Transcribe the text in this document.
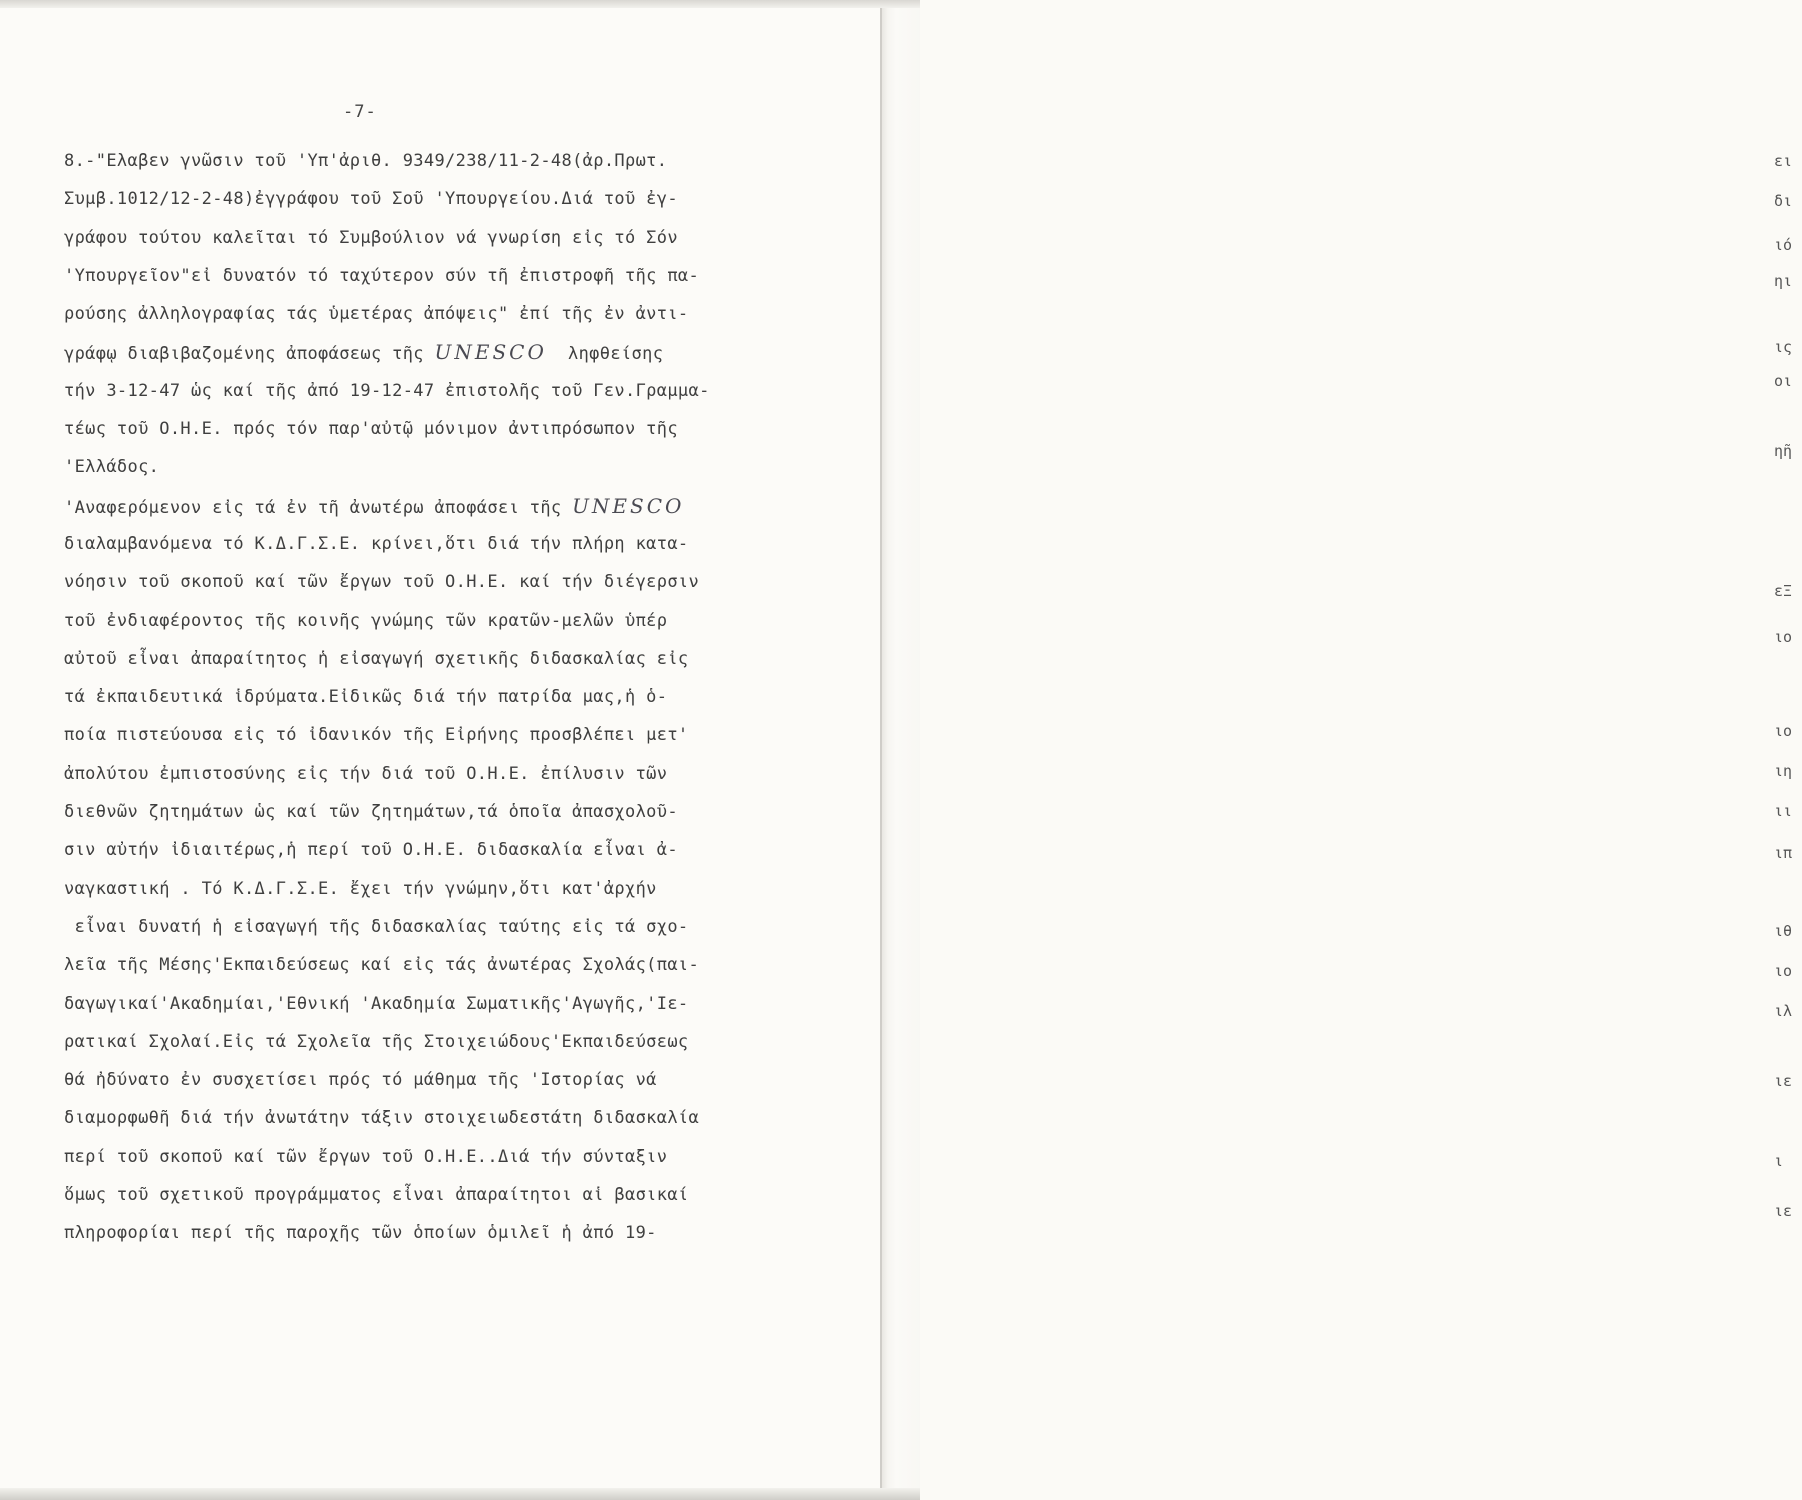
-7-
8.-"Ελαβεν γνῶσιν τοῦ 'Υπ'ἀριθ. 9349/238/11-2-48(ἀρ.Πρωτ.
Συμβ.1012/12-2-48)ἐγγράφου τοῦ Σοῦ 'Υπουργείου.Διά τοῦ ἐγ-
γράφου τούτου καλεῖται τό Συμβούλιον νά γνωρίση εἰς τό Σόν
'Υπουργεῖον"εἰ δυνατόν τό ταχύτερον σύν τῆ ἐπιστροφῆ τῆς πα-
ρούσης ἀλληλογραφίας τάς ὑμετέρας ἀπόψεις" ἐπί τῆς ἐν ἀντι-
γράφῳ διαβιβαζομένης ἀποφάσεως τῆς UNESCO  ληφθείσης
τήν 3-12-47 ὡς καί τῆς ἀπό 19-12-47 ἐπιστολῆς τοῦ Γεν.Γραμμα-
τέως τοῦ Ο.Η.Ε. πρός τόν παρ'αὐτῷ μόνιμον ἀντιπρόσωπον τῆς
'Ελλάδος.
'Αναφερόμενον εἰς τά ἐν τῆ ἀνωτέρω ἀποφάσει τῆς UNESCO
διαλαμβανόμενα τό Κ.Δ.Γ.Σ.Ε. κρίνει,ὅτι διά τήν πλήρη κατα-
νόησιν τοῦ σκοποῦ καί τῶν ἔργων τοῦ Ο.Η.Ε. καί τήν διέγερσιν
τοῦ ἐνδιαφέροντος τῆς κοινῆς γνώμης τῶν κρατῶν-μελῶν ὑπέρ
αὐτοῦ εἶναι ἀπαραίτητος ἡ εἰσαγωγή σχετικῆς διδασκαλίας εἰς
τά ἐκπαιδευτικά ἱδρύματα.Εἰδικῶς διά τήν πατρίδα μας,ἡ ὁ-
ποία πιστεύουσα εἰς τό ἰδανικόν τῆς Εἰρήνης προσβλέπει μετ'
ἀπολύτου ἐμπιστοσύνης εἰς τήν διά τοῦ Ο.Η.Ε. ἐπίλυσιν τῶν
διεθνῶν ζητημάτων ὡς καί τῶν ζητημάτων,τά ὁποῖα ἀπασχολοῦ-
σιν αὐτήν ἰδιαιτέρως,ἡ περί τοῦ Ο.Η.Ε. διδασκαλία εἶναι ἀ-
ναγκαστική . Τό Κ.Δ.Γ.Σ.Ε. ἔχει τήν γνώμην,ὅτι κατ'ἀρχήν
εἶναι δυνατή ἡ εἰσαγωγή τῆς διδασκαλίας ταύτης εἰς τά σχο-
λεῖα τῆς Μέσης'Εκπαιδεύσεως καί εἰς τάς ἀνωτέρας Σχολάς(παι-
δαγωγικαί'Ακαδημίαι,'Εθνική 'Ακαδημία Σωματικῆς'Αγωγῆς,'Ιε-
ρατικαί Σχολαί.Εἰς τά Σχολεῖα τῆς Στοιχειώδους'Εκπαιδεύσεως
θά ἠδύνατο ἐν συσχετίσει πρός τό μάθημα τῆς 'Ιστορίας νά
διαμορφωθῆ διά τήν ἀνωτάτην τάξιν στοιχειωδεστάτη διδασκαλία
περί τοῦ σκοποῦ καί τῶν ἔργων τοῦ Ο.Η.Ε..Διά τήν σύνταξιν
ὅμως τοῦ σχετικοῦ προγράμματος εἶναι ἀπαραίτητοι αἱ βασικαί
πληροφορίαι περί τῆς παροχῆς τῶν ὁποίων ὁμιλεῖ ἡ ἀπό 19-
ει
δι
ιό
ηι
ις
οι
ηῆ
εΞ
ιο
ιο
ιη
ιι
ιπ
ιθ
ιο
ιλ
ιε
ι
ιε
